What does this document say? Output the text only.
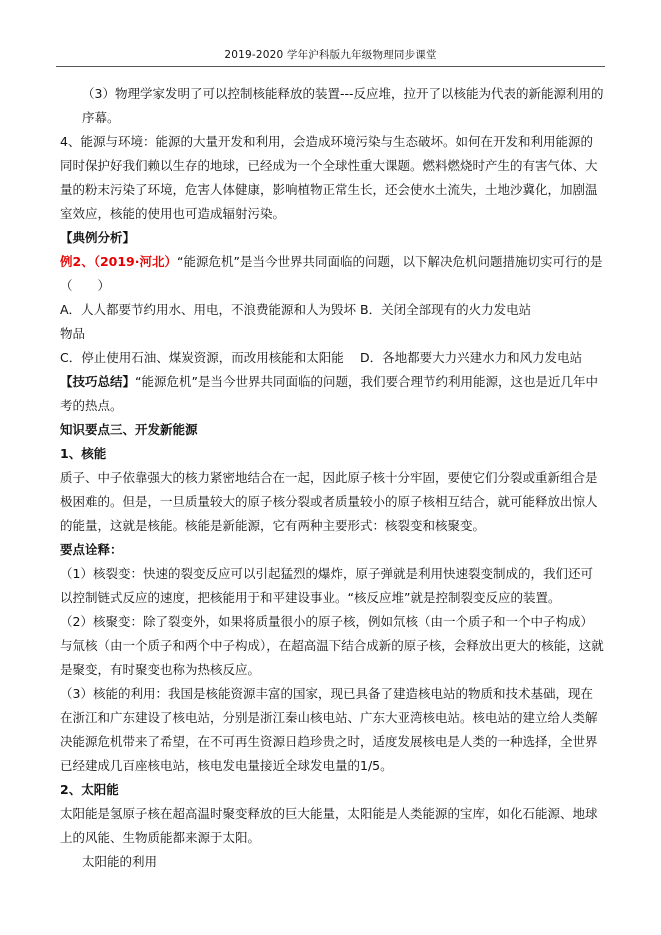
2019-2020 学年沪科版九年级物理同步课堂

（3）物理学家发明了可以控制核能释放的装置---反应堆，拉开了以核能为代表的新能源利用的序幕。

4、能源与环境：能源的大量开发和利用，会造成环境污染与生态破坏。如何在开发和利用能源的同时保护好我们赖以生存的地球，已经成为一个全球性重大课题。燃料燃烧时产生的有害气体、大量的粉末污染了环境，危害人体健康，影响植物正常生长，还会使水土流失，土地沙冀化，加剧温室效应，核能的使用也可造成辐射污染。

【典例分析】

例2、（2019·河北）“能源危机”是当今世界共同面临的问题，以下解决危机问题措施切实可行的是（　　）

A．人人都要节约用水、用电，不浪费能源和人为毁坏物品
B．关闭全部现有的火力发电站

C．停止使用石油、煤炭资源，而改用核能和太阳能	D．各地都要大力兴建水力和风力发电站

【技巧总结】“能源危机”是当今世界共同面临的问题，我们要合理节约利用能源，这也是近几年中考的热点。

知识要点三、开发新能源

1、核能

质子、中子依靠强大的核力紧密地结合在一起，因此原子核十分牢固，要使它们分裂或重新组合是极困难的。但是，一旦质量较大的原子核分裂或者质量较小的原子核相互结合，就可能释放出惊人的能量，这就是核能。核能是新能源，它有两种主要形式：核裂变和核聚变。

要点诠释：

（1）核裂变：快速的裂变反应可以引起猛烈的爆炸，原子弹就是利用快速裂变制成的，我们还可以控制链式反应的速度，把核能用于和平建设事业。“核反应堆”就是控制裂变反应的装置。

（2）核聚变：除了裂变外，如果将质量很小的原子核，例如氘核（由一个质子和一个中子构成）与氚核（由一个质子和两个中子构成），在超高温下结合成新的原子核，会释放出更大的核能，这就是聚变，有时聚变也称为热核反应。

（3）核能的利用：我国是核能资源丰富的国家，现已具备了建造核电站的物质和技术基础，现在在浙江和广东建设了核电站，分别是浙江秦山核电站、广东大亚湾核电站。核电站的建立给人类解决能源危机带来了希望，在不可再生资源日趋珍贵之时，适度发展核电是人类的一种选择，全世界已经建成几百座核电站，核电发电量接近全球发电量的1/5。

2、太阳能

太阳能是氢原子核在超高温时聚变释放的巨大能量，太阳能是人类能源的宝库，如化石能源、地球上的风能、生物质能都来源于太阳。

太阳能的利用
